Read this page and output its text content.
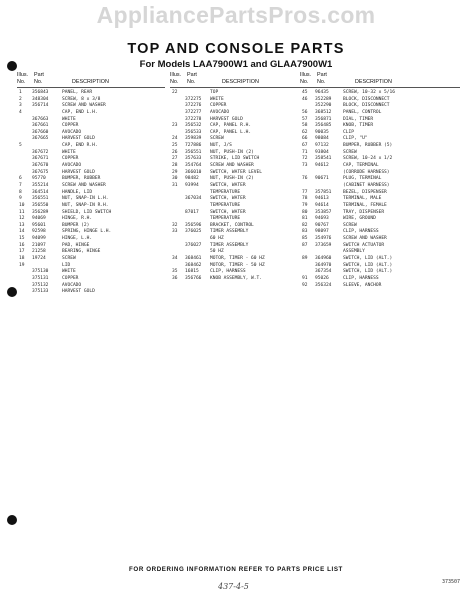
AppliancePartsPros.com
TOP AND CONSOLE PARTS
For Models LAA7900W1 and GLAA7900W1
Illus. Part
No. No.	DESCRIPTION
1 356843	PANEL, REAR
2 348304	SCREW, 8 x 3/8
3 356714	SCREW AND WASHER
4	CAP, END L.H.
367663	WHITE
367661	COPPER
367660	AVOCADO
367665	HARVEST GOLD
5	CAP, END R.H.
367672	WHITE
367671	COPPER
367670	AVOCADO
367675	HARVEST GOLD
6 95770	BUMPER, RUBBER
7 355214	SCREW AND WASHER
8 364514	HANDLE, LID
9 356551	NUT, SNAP-IN L.H.
10 356550	NUT, SNAP-IN R.H.
11 356289	SHIELD, LID SWITCH
12 94069	HINGE, R.H.
13 95601	BUMPER (2)
14 92598	SPRING, HINGE L.H.
15 94099	HINGE, L.H.
16 21097	PAD, HINGE
17 21258	BEARING, HINGE
18 19724	SCREW
19	LID
375130	WHITE
375131	COPPER
375132	AVOCADO
375133	HARVEST GOLD
Illus. Part
No. No.	DESCRIPTION
22	TOP
372275 WHITE
372276 COPPER
372277 AVOCADO
372278 HARVEST GOLD
23 356532 CAP, PANEL R.H.
356533 CAP, PANEL L.H.
24 359839 SCREW
25 727886 NUT, J/S
26 356551 NUT, PUSH-IN (2)
27 357633 STRIKE, LID SWITCH
28 354764 SCREW AND WASHER
29 366010 SWITCH, WATER LEVEL
30 98482 NUT, PUSH-IN (2)
31 93994 SWITCH, WATER
TEMPERATURE
367034 SWITCH, WATER
TEMPERATURE
87017 SWITCH, WATER
TEMPERATURE
32 356596 BRACKET, CONTROL
33 376025 TIMER ASSEMBLY
60 HZ
376027 TIMER ASSEMBLY
50 HZ
34 368461 MOTOR, TIMER - 60 HZ
368462 MOTOR, TIMER - 50 HZ
35 16815 CLIP, HARNESS
36 356766 KNOB ASSEMBLY, W.T.
Illus. Part
No. No.	DESCRIPTION
45 96435	SCREW, 10-32 x 5/16
46 352289	BLOCK, DISCONNECT
352290	BLOCK, DISCONNECT
56 368512	PANEL, CONTROL
57 356871	DIAL, TIMER
58 356485	KNOB, TIMER
62 90035	CLIP
66 98084	CLIP, "U"
67 97132	BUMPER, RUBBER (5)
71 93804	SCREW
72 358541	SCREW, 10-24 x 1/2
73 94612	CAP, TERMINAL
(CORRODE HARNESS)
76 90671	PLUG, TERMINAL
(CABINET HARNESS)
77 357851	BEZEL, DISPENSER
78 94613	TERMINAL, MALE
79 94614	TERMINAL, FEMALE
80 353857	TRAY, DISPENSER
81 94693	WIRE, GROUND
82 90767	SCREW
83 98097	CLIP, HARNESS
85 354976	SCREW AND WASHER
87 373659	SWITCH ACTUATOR
ASSEMBLY
89 364960	SWITCH, LID (ALT.)
364970	SWITCH, LID (ALT.)
367354	SWITCH, LID (ALT.)
91 95026	CLIP, HARNESS
92 356324	SLEEVE, ANCHOR
FOR ORDERING INFORMATION REFER TO PARTS PRICE LIST
437-4-5	373507
